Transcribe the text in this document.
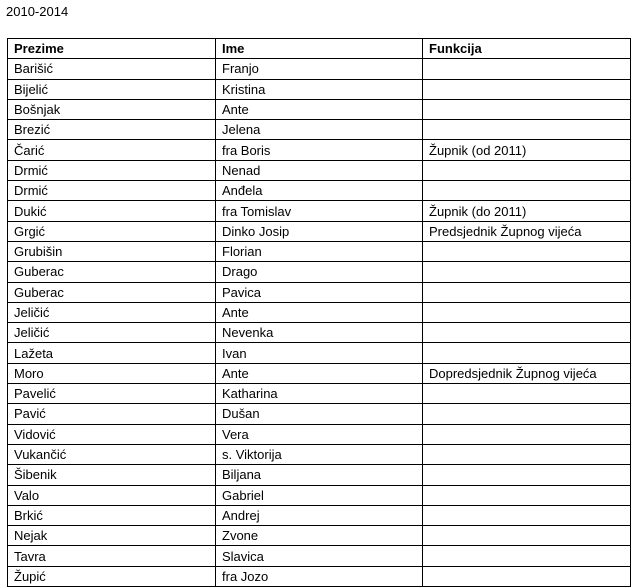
2010-2014
Prezime	Ime	Funkcija
Barišić	Franjo	
Bijelić	Kristina	
Bošnjak	Ante	
Brezić	Jelena	
Čarić	fra Boris	Župnik (od 2011)
Drmić	Nenad	
Drmić	Anđela	
Dukić	fra Tomislav	Župnik (do 2011)
Grgić	Dinko Josip	Predsjednik Župnog vijeća
Grubišin	Florian	
Guberac	Drago	
Guberac	Pavica	
Jeličić	Ante	
Jeličić	Nevenka	
Lažeta	Ivan	
Moro	Ante	Dopredsjednik Župnog vijeća
Pavelić	Katharina	
Pavić	Dušan	
Vidović	Vera	
Vukančić	s. Viktorija	
Šibenik	Biljana	
Valo	Gabriel	
Brkić	Andrej	
Nejak	Zvone	
Tavra	Slavica	
Župić	fra Jozo	
